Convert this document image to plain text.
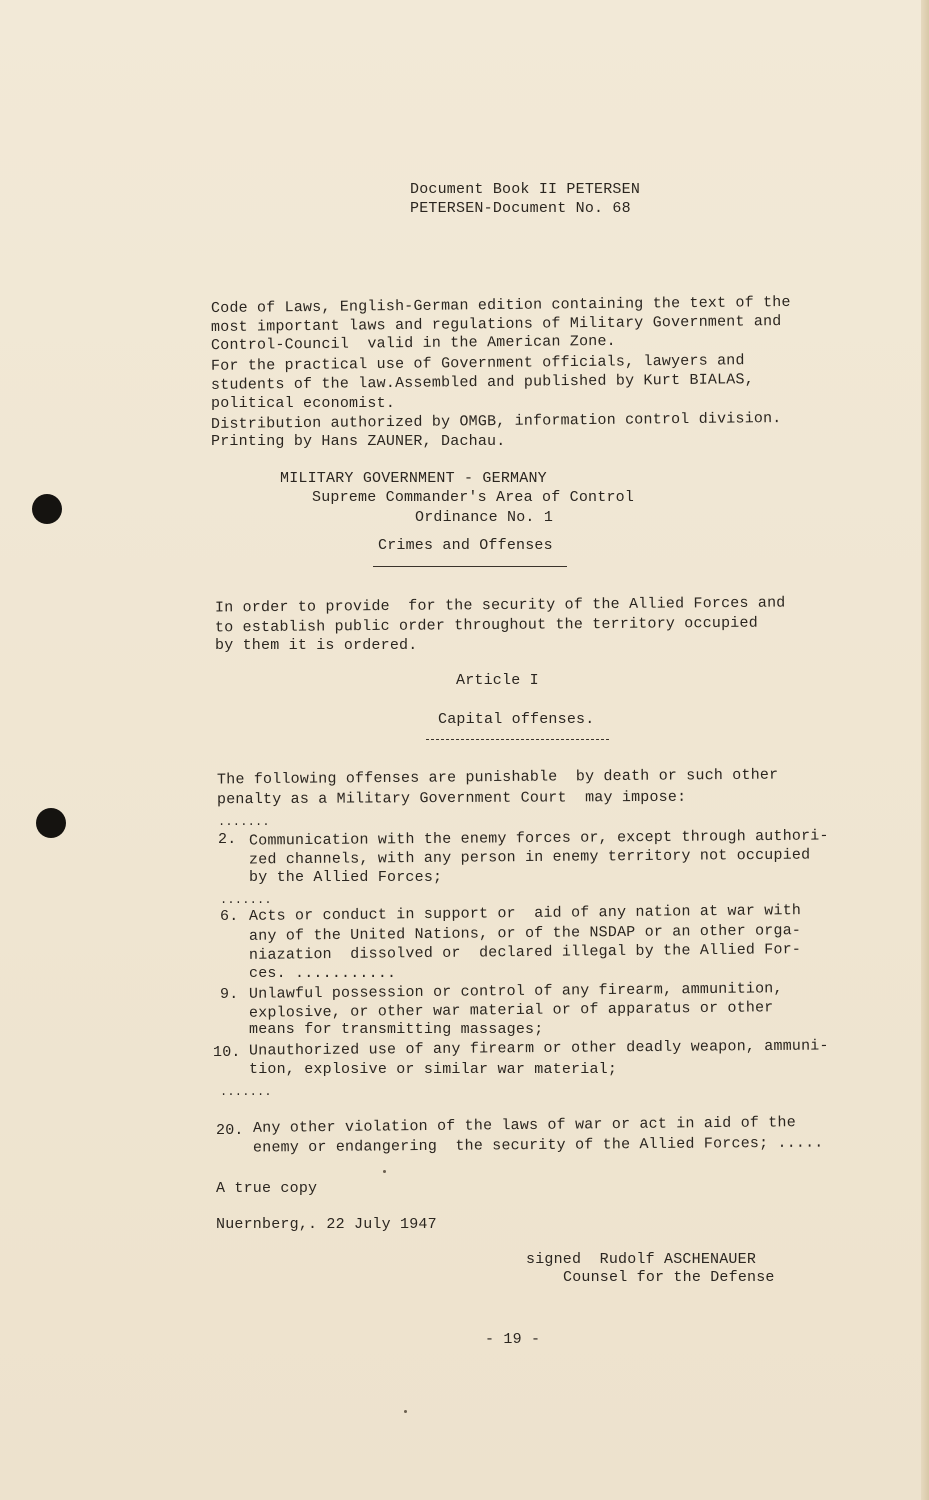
Document Book II PETERSEN
PETERSEN-Document No. 68
Code of Laws, English-German edition containing the text of the
most important laws and regulations of Military Government and
Control-Council  valid in the American Zone.
For the practical use of Government officials, lawyers and
students of the law.Assembled and published by Kurt BIALAS,
political economist.
Distribution authorized by OMGB, information control division.
Printing by Hans ZAUNER, Dachau.
MILITARY GOVERNMENT - GERMANY
Supreme Commander's Area of Control
Ordinance No. 1
Crimes and Offenses
In order to provide  for the security of the Allied Forces and
to establish public order throughout the territory occupied
by them it is ordered.
Article I
Capital offenses.
The following offenses are punishable  by death or such other
penalty as a Military Government Court  may impose:
.......
2. Communication with the enemy forces or, except through authori-
zed channels, with any person in enemy territory not occupied
by the Allied Forces;
.......
6. Acts or conduct in support or  aid of any nation at war with
any of the United Nations, or of the NSDAP or an other orga-
niazation  dissolved or  declared illegal by the Allied For-
ces. ...........
9. Unlawful possession or control of any firearm, ammunition,
explosive, or other war material or of apparatus or other
means for transmitting massages;
10. Unauthorized use of any firearm or other deadly weapon, ammuni-
tion, explosive or similar war material;
.......
20. Any other violation of the laws of war or act in aid of the
enemy or endangering  the security of the Allied Forces; .....
A true copy
Nuernberg,. 22 July 1947
signed  Rudolf ASCHENAUER
Counsel for the Defense
- 19 -
